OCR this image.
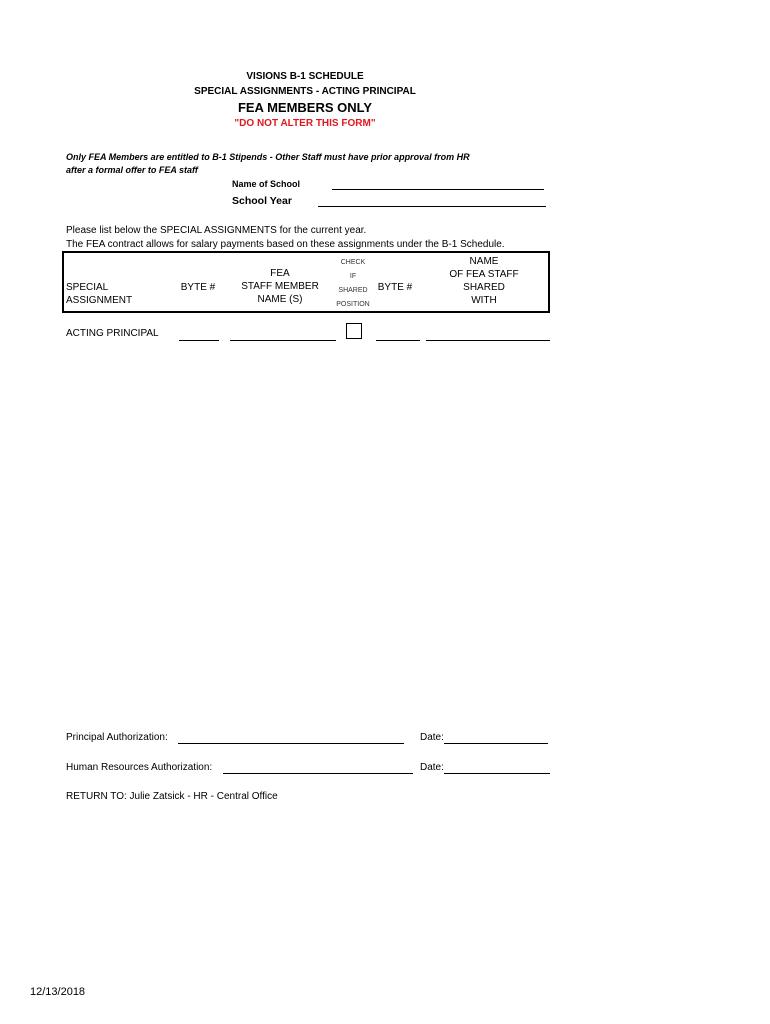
VISIONS B-1 SCHEDULE
SPECIAL ASSIGNMENTS - ACTING PRINCIPAL
FEA MEMBERS ONLY
"DO NOT ALTER THIS FORM"
Only FEA Members are entitled to B-1 Stipends - Other Staff must have prior approval from HR
after a formal offer to FEA staff
Name of School
School Year
Please list below the SPECIAL ASSIGNMENTS for the current year.
The FEA contract allows for salary payments based on these assignments under the B-1 Schedule.
SPECIAL
ASSIGNMENT
BYTE #
FEA
STAFF MEMBER
NAME (S)
CHECK
IF
SHARED
POSITION
BYTE #
NAME
OF FEA STAFF
SHARED
WITH
ACTING PRINCIPAL
Principal Authorization:	Date:
Human Resources Authorization:	Date:
RETURN TO: Julie Zatsick - HR - Central Office
12/13/2018
